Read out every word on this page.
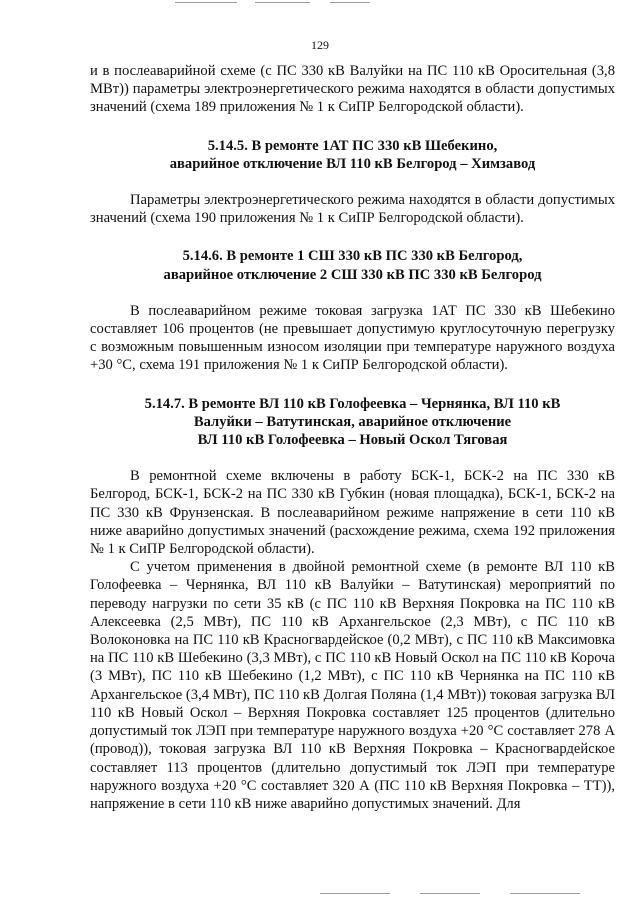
129

и в послеаварийной схеме (с ПС 330 кВ Валуйки на ПС 110 кВ Оросительная (3,8 МВт)) параметры электроэнергетического режима находятся в области допустимых значений (схема 189 приложения № 1 к СиПР Белгородской области).

5.14.5. В ремонте 1АТ ПС 330 кВ Шебекино,

аварийное отключение ВЛ 110 кВ Белгород – Химзавод

Параметры электроэнергетического режима находятся в области допустимых значений (схема 190 приложения № 1 к СиПР Белгородской области).

5.14.6. В ремонте 1 СШ 330 кВ ПС 330 кВ Белгород,

аварийное отключение 2 СШ 330 кВ ПС 330 кВ Белгород

В послеаварийном режиме токовая загрузка 1АТ ПС 330 кВ Шебекино составляет 106 процентов (не превышает допустимую круглосуточную перегрузку с возможным повышенным износом изоляции при температуре наружного воздуха +30 °С, схема 191 приложения № 1 к СиПР Белгородской области).

5.14.7. В ремонте ВЛ 110 кВ Голофеевка – Чернянка, ВЛ 110 кВ

Валуйки – Ватутинская, аварийное отключение

ВЛ 110 кВ Голофеевка – Новый Оскол Тяговая

В ремонтной схеме включены в работу БСК-1, БСК-2 на ПС 330 кВ Белгород, БСК-1, БСК-2 на ПС 330 кВ Губкин (новая площадка), БСК-1, БСК-2 на ПС 330 кВ Фрунзенская. В послеаварийном режиме напряжение в сети 110 кВ ниже аварийно допустимых значений (расхождение режима, схема 192 приложения № 1 к СиПР Белгородской области).

С учетом применения в двойной ремонтной схеме (в ремонте ВЛ 110 кВ Голофеевка – Чернянка, ВЛ 110 кВ Валуйки – Ватутинская) мероприятий по переводу нагрузки по сети 35 кВ (с ПС 110 кВ Верхняя Покровка на ПС 110 кВ Алексеевка (2,5 МВт), ПС 110 кВ Архангельское (2,3 МВт), с ПС 110 кВ Волоконовка на ПС 110 кВ Красногвардейское (0,2 МВт), с ПС 110 кВ Максимовка на ПС 110 кВ Шебекино (3,3 МВт), с ПС 110 кВ Новый Оскол на ПС 110 кВ Короча (3 МВт), ПС 110 кВ Шебекино (1,2 МВт), с ПС 110 кВ Чернянка на ПС 110 кВ Архангельское (3,4 МВт), ПС 110 кВ Долгая Поляна (1,4 МВт)) токовая загрузка ВЛ 110 кВ Новый Оскол – Верхняя Покровка составляет 125 процентов (длительно допустимый ток ЛЭП при температуре наружного воздуха +20 °С составляет 278 А (провод)), токовая загрузка ВЛ 110 кВ Верхняя Покровка – Красногвардейское составляет 113 процентов (длительно допустимый ток ЛЭП при температуре наружного воздуха +20 °С составляет 320 А (ПС 110 кВ Верхняя Покровка – ТТ)), напряжение в сети 110 кВ ниже аварийно допустимых значений. Для
